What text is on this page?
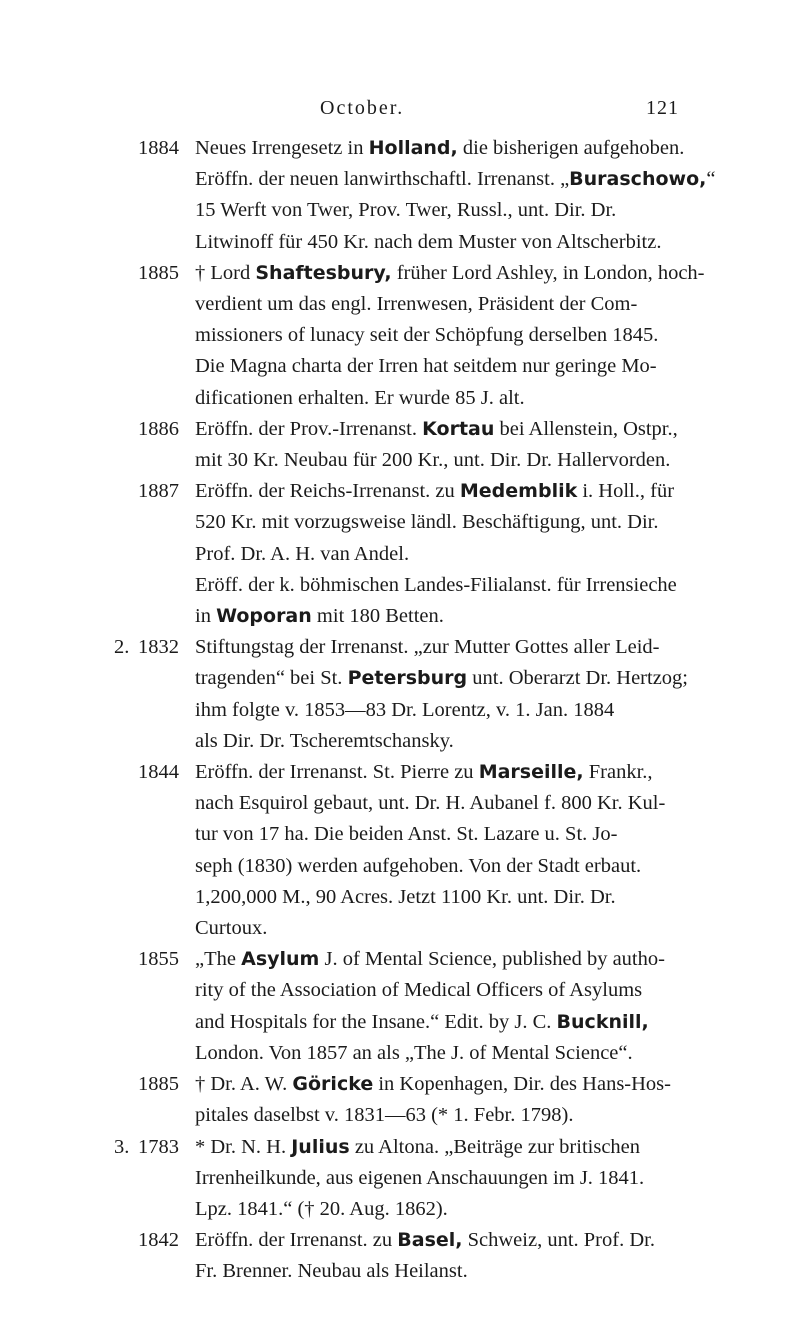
October.	121
1884 Neues Irrengesetz in Holland, die bisherigen aufgehoben.
Eröffn. der neuen lanwirthschaftl. Irrenanst. „Buraschowo,“
15 Werft von Twer, Prov. Twer, Russl., unt. Dir. Dr.
Litwinoff für 450 Kr. nach dem Muster von Altscherbitz.
1885 † Lord Shaftesbury, früher Lord Ashley, in London, hoch-
verdient um das engl. Irrenwesen, Präsident der Com-
missioners of lunacy seit der Schöpfung derselben 1845.
Die Magna charta der Irren hat seitdem nur geringe Mo-
dificationen erhalten. Er wurde 85 J. alt.
1886 Eröffn. der Prov.-Irrenanst. Kortau bei Allenstein, Ostpr.,
mit 30 Kr. Neubau für 200 Kr., unt. Dir. Dr. Hallervorden.
1887 Eröffn. der Reichs-Irrenanst. zu Medemblik i. Holl., für
520 Kr. mit vorzugsweise ländl. Beschäftigung, unt. Dir.
Prof. Dr. A. H. van Andel.
Eröff. der k. böhmischen Landes-Filialanst. für Irrensieche
in Woporan mit 180 Betten.
2. 1832 Stiftungstag der Irrenanst. „zur Mutter Gottes aller Leid-
tragenden“ bei St. Petersburg unt. Oberarzt Dr. Hertzog;
ihm folgte v. 1853—83 Dr. Lorentz, v. 1. Jan. 1884
als Dir. Dr. Tscheremtschansky.
1844 Eröffn. der Irrenanst. St. Pierre zu Marseille, Frankr.,
nach Esquirol gebaut, unt. Dr. H. Aubanel f. 800 Kr. Kul-
tur von 17 ha. Die beiden Anst. St. Lazare u. St. Jo-
seph (1830) werden aufgehoben. Von der Stadt erbaut.
1,200,000 M., 90 Acres. Jetzt 1100 Kr. unt. Dir. Dr.
Curtoux.
1855 „The Asylum J. of Mental Science, published by autho-
rity of the Association of Medical Officers of Asylums
and Hospitals for the Insane.“ Edit. by J. C. Bucknill,
London. Von 1857 an als „The J. of Mental Science“.
1885 † Dr. A. W. Göricke in Kopenhagen, Dir. des Hans-Hos-
pitales daselbst v. 1831—63 (* 1. Febr. 1798).
3. 1783 * Dr. N. H. Julius zu Altona. „Beiträge zur britischen
Irrenheilkunde, aus eigenen Anschauungen im J. 1841.
Lpz. 1841.“ († 20. Aug. 1862).
1842 Eröffn. der Irrenanst. zu Basel, Schweiz, unt. Prof. Dr.
Fr. Brenner. Neubau als Heilanst.
